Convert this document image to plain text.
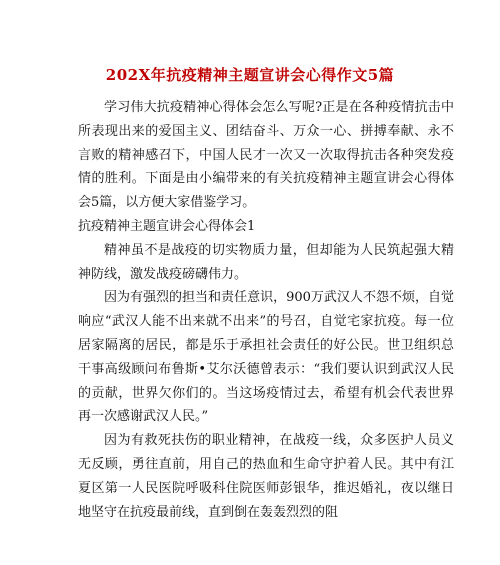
202X年抗疫精神主题宣讲会心得作文5篇

学习伟大抗疫精神心得体会怎么写呢?正是在各种疫情抗击中所表现出来的爱国主义、团结奋斗、万众一心、拼搏奉献、永不言败的精神感召下，中国人民才一次又一次取得抗击各种突发疫情的胜利。下面是由小编带来的有关抗疫精神主题宣讲会心得体会5篇，以方便大家借鉴学习。

抗疫精神主题宣讲会心得体会1

精神虽不是战疫的切实物质力量，但却能为人民筑起强大精神防线，激发战疫磅礴伟力。

因为有强烈的担当和责任意识，900万武汉人不怨不烦，自觉响应“武汉人能不出来就不出来”的号召，自觉宅家抗疫。每一位居家隔离的居民，都是乐于承担社会责任的好公民。世卫组织总干事高级顾问布鲁斯•艾尔沃德曾表示：“我们要认识到武汉人民的贡献，世界欠你们的。当这场疫情过去，希望有机会代表世界再一次感谢武汉人民。”

因为有救死扶伤的职业精神，在战疫一线，众多医护人员义无反顾，勇往直前，用自己的热血和生命守护着人民。其中有江夏区第一人民医院呼吸科住院医师彭银华，推迟婚礼，夜以继日地坚守在抗疫最前线，直到倒在轰轰烈烈的阻
